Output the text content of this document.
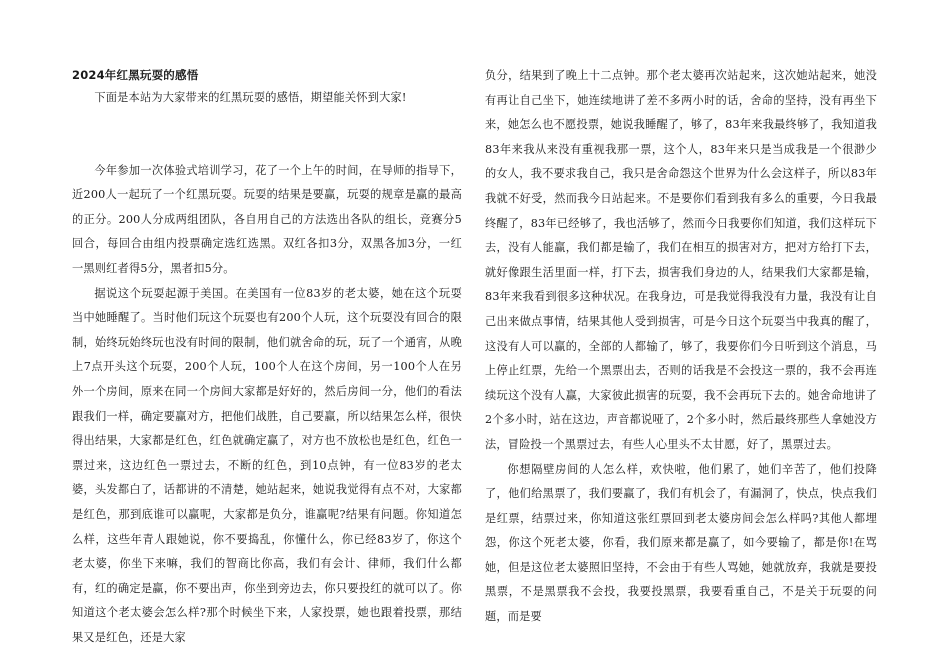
2024年红黑玩耍的感悟

下面是本站为大家带来的红黑玩耍的感悟，期望能关怀到大家!

今年参加一次体验式培训学习，花了一个上午的时间，在导师的指导下，近200人一起玩了一个红黑玩耍。玩耍的结果是要赢，玩耍的规章是赢的最高的正分。200人分成两组团队，各自用自己的方法选出各队的组长，竞赛分5回合，每回合由组内投票确定选红选黑。双红各扣3分，双黑各加3分，一红一黑则红者得5分，黑者扣5分。

据说这个玩耍起源于美国。在美国有一位83岁的老太婆，她在这个玩耍当中她睡醒了。当时他们玩这个玩耍也有200个人玩，这个玩耍没有回合的限制，始终玩始终玩也没有时间的限制，他们就舍命的玩，玩了一个通宵，从晚上7点开头这个玩耍，200个人玩，100个人在这个房间，另一100个人在另外一个房间，原来在同一个房间大家都是好好的，然后房间一分，他们的看法跟我们一样，确定要赢对方，把他们战胜，自己要赢，所以结果怎么样，很快得出结果，大家都是红色，红色就确定赢了，对方也不放松也是红色，红色一票过来，这边红色一票过去，不断的红色，到10点钟，有一位83岁的老太婆，头发都白了，话都讲的不清楚，她站起来，她说我觉得有点不对，大家都是红色，那到底谁可以赢呢，大家都是负分，谁赢呢?结果有问题。你知道怎么样，这些年青人跟她说，你不要捣乱，你懂什么，你已经83岁了，你这个老太婆，你坐下来嘛，我们的智商比你高，我们有会计、律师，我们什么都有，红的确定是赢，你不要出声，你坐到旁边去，你只要投红的就可以了。你知道这个老太婆会怎么样?那个时候坐下来，人家投票，她也跟着投票，那结果又是红色，还是大家

负分，结果到了晚上十二点钟。那个老太婆再次站起来，这次她站起来，她没有再让自己坐下，她连续地讲了差不多两小时的话，舍命的坚持，没有再坐下来，她怎么也不愿投票，她说我睡醒了，够了，83年来我最终够了，我知道我83年来我从来没有重视我那一票，这个人，83年来只是当成我是一个很渺少的女人，我不要求我自己，我只是舍命怨这个世界为什么会这样子，所以83年我就不好受，然而我今日站起来。不是要你们看到我有多么的重要，今日我最终醒了，83年已经够了，我也活够了，然而今日我要你们知道，我们这样玩下去，没有人能赢，我们都是输了，我们在相互的损害对方，把对方给打下去，就好像跟生活里面一样，打下去，损害我们身边的人，结果我们大家都是输，83年来我看到很多这种状况。在我身边，可是我觉得我没有力量，我没有让自己出来做点事情，结果其他人受到损害，可是今日这个玩耍当中我真的醒了，这没有人可以赢的，全部的人都输了，够了，我要你们今日听到这个消息，马上停止红票，先给一个黑票出去，否则的话我是不会投这一票的，我不会再连续玩这个没有人赢，大家彼此损害的玩耍，我不会再玩下去的。她舍命地讲了2个多小时，站在这边，声音都说哑了，2个多小时，然后最终那些人拿她没方法，冒险投一个黑票过去，有些人心里头不太甘愿，好了，黑票过去。

你想隔壁房间的人怎么样，欢快啦，他们累了，她们辛苦了，他们投降了，他们给黑票了，我们要赢了，我们有机会了，有漏洞了，快点，快点我们是红票，结票过来，你知道这张红票回到老太婆房间会怎么样吗?其他人都埋怨，你这个死老太婆，你看，我们原来都是赢了，如今要输了，都是你!在骂她，但是这位老太婆照旧坚持，不会由于有些人骂她，她就放弃，我就是要投黑票，不是黑票我不会投，我要投黑票，我要看重自己，不是关于玩耍的问题，而是要
